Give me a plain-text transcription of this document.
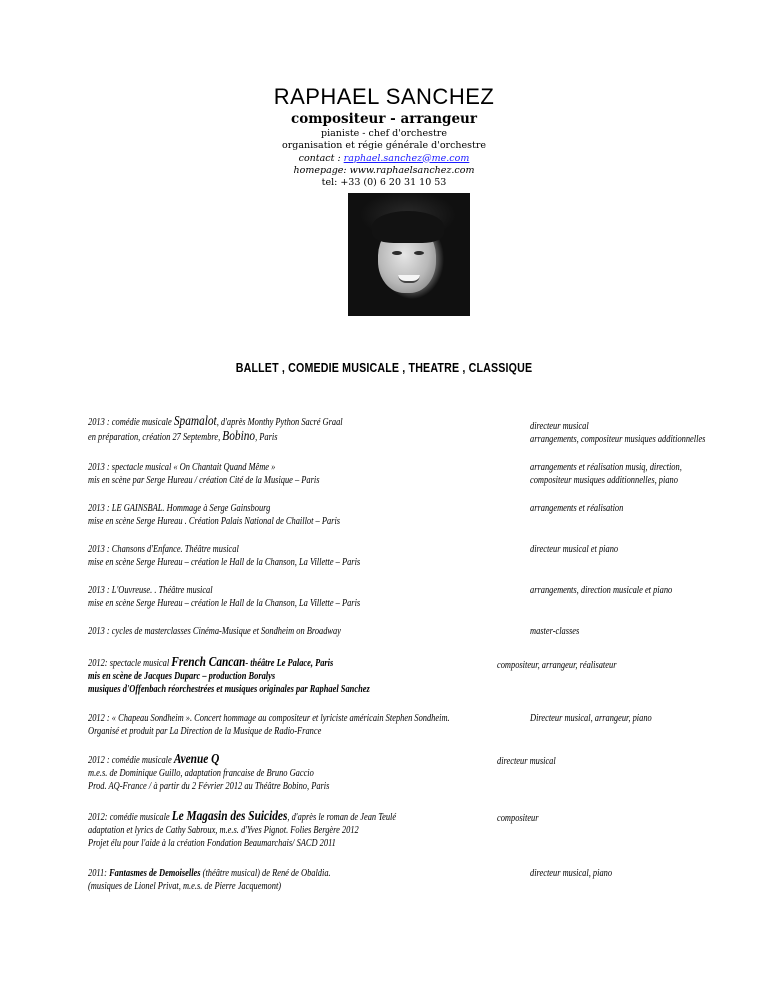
RAPHAEL SANCHEZ
compositeur - arrangeur
pianiste - chef d'orchestre
organisation et régie générale d'orchestre
contact : raphael.sanchez@me.com
homepage: www.raphaelsanchez.com
tel: +33 (0) 6 20 31 10 53
BALLET , COMEDIE MUSICALE , THEATRE , CLASSIQUE
2013 : comédie musicale Spamalot, d'après Monthy Python Sacré Graal
en préparation, création 27 Septembre, Bobino, Paris
directeur musical
arrangements, compositeur musiques additionnelles
2013 : spectacle musical « On Chantait Quand Même »
mis en scène par Serge Hureau / création Cité de la Musique – Paris
arrangements et réalisation musiq, direction,
compositeur musiques additionnelles, piano
2013 : LE GAINSBAL. Hommage à Serge Gainsbourg
mise en scène Serge Hureau . Création Palais National de Chaillot – Paris
arrangements et réalisation
2013 : Chansons d'Enfance. Théâtre musical
mise en scène Serge Hureau – création le Hall de la Chanson, La Villette – Paris
directeur musical et piano
2013 : L'Ouvreuse. . Théâtre musical
mise en scène Serge Hureau – création le Hall de la Chanson, La Villette – Paris
arrangements, direction musicale et piano
2013 : cycles de masterclasses Cinéma-Musique et Sondheim on Broadway	master-classes
2012: spectacle musical French Cancan- théâtre Le Palace, Paris
mis en scène de Jacques Duparc – production Boralys
musiques d'Offenbach réorchestrées et musiques originales par Raphael Sanchez
compositeur, arrangeur, réalisateur
2012 : « Chapeau Sondheim ». Concert hommage au compositeur et lyriciste américain Stephen Sondheim.
Organisé et produit par La Direction de la Musique de Radio-France
Directeur musical, arrangeur, piano
2012 : comédie musicale Avenue Q
m.e.s. de Dominique Guillo, adaptation francaise de Bruno Gaccio
Prod. AQ-France / à partir du 2 Février 2012 au Théâtre Bobino, Paris
directeur musical
2012: comédie musicale Le Magasin des Suicides, d'après le roman de Jean Teulé
adaptation et lyrics de Cathy Sabroux, m.e.s. d'Yves Pignot. Folies Bergère 2012
Projet élu pour l'aide à la création Fondation Beaumarchais/ SACD 2011
compositeur
2011: Fantasmes de Demoiselles (théâtre musical) de René de Obaldia.
(musiques de Lionel Privat, m.e.s. de Pierre Jacquemont)
directeur musical, piano
